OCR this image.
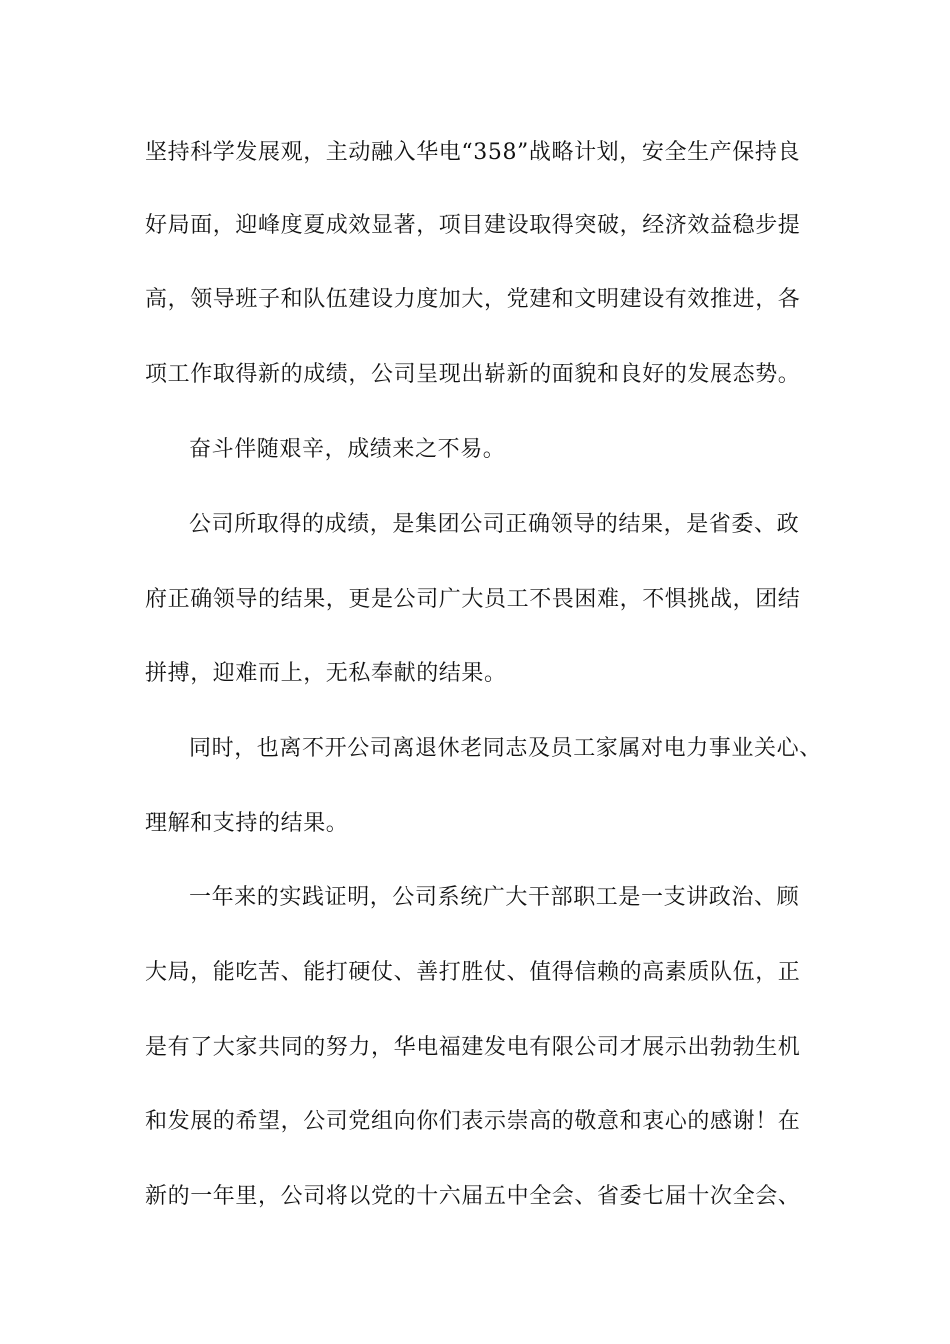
坚持科学发展观，主动融入华电“358”战略计划，安全生产保持良
好局面，迎峰度夏成效显著，项目建设取得突破，经济效益稳步提
高，领导班子和队伍建设力度加大，党建和文明建设有效推进，各
项工作取得新的成绩，公司呈现出崭新的面貌和良好的发展态势。
奋斗伴随艰辛，成绩来之不易。
公司所取得的成绩，是集团公司正确领导的结果，是省委、政
府正确领导的结果，更是公司广大员工不畏困难，不惧挑战，团结
拼搏，迎难而上，无私奉献的结果。
同时，也离不开公司离退休老同志及员工家属对电力事业关心、
理解和支持的结果。
一年来的实践证明，公司系统广大干部职工是一支讲政治、顾
大局，能吃苦、能打硬仗、善打胜仗、值得信赖的高素质队伍，正
是有了大家共同的努力，华电福建发电有限公司才展示出勃勃生机
和发展的希望，公司党组向你们表示崇高的敬意和衷心的感谢！在
新的一年里，公司将以党的十六届五中全会、省委七届十次全会、
